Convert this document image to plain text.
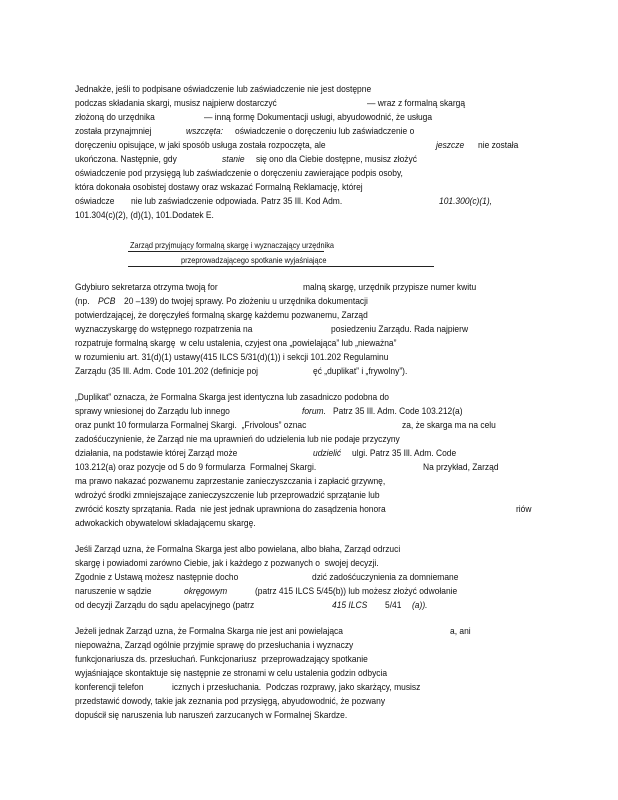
Jednakże, jeśli to podpisane oświadczenie lub zaświadczenie nie jest dostępne
podczas składania skargi, musisz najpierw dostarczyć	— wraz z formalną skargą
złożoną do urzędnika	— inną formę Dokumentacji usługi, abyudowodnić, że usługa
została przynajmniej	wszczęta: oświadczenie o doręczeniu lub zaświadczenie o
doręczeniu opisujące, w jaki sposób usługa została rozpoczęta, ale	jeszcze nie została
ukończona. Następnie, gdy	stanie się ono dla Ciebie dostępne, musisz złożyć
oświadczenie pod przysięgą lub zaświadczenie o doręczeniu zawierające podpis osoby,
która dokonała osobistej dostawy oraz wskazać Formalną Reklamację, której
oświadcze nie lub zaświadczenie odpowiada. Patrz 35 Ill. Kod Adm.	101.300(c)(1),
101.304(c)(2), (d)(1), 101.Dodatek E.
Zarząd przyjmujący formalną skargę i wyznaczający urzędnika
przeprowadzającego spotkanie wyjaśniające
Gdybiuro sekretarza otrzyma twoją for	malną skargę, urzędnik przypisze numer kwitu
(np. PCB 20 –139) do twojej sprawy. Po złożeniu u urzędnika dokumentacji
potwierdzającej, że doręczyłeś formalną skargę każdemu pozwanemu, Zarząd
wyznaczyskargę do wstępnego rozpatrzenia na	posiedzeniu Zarządu. Rada najpierw
rozpatruje formalną skargę  w celu ustalenia, czyjest ona „powielająca” lub „nieważna”
w rozumieniu art. 31(d)(1) ustawy(415 ILCS 5/31(d)(1)) i sekcji 101.202 Regulaminu
Zarządu (35 Ill. Adm. Code 101.202 (definicje poj	ęć „duplikat” i „frywolny”).
„Duplikat” oznacza, że Formalna Skarga jest identyczna lub zasadniczo podobna do
sprawy wniesionej do Zarządu lub innego	forum. Patrz 35 Ill. Adm. Code 103.212(a)
oraz punkt 10 formularza Formalnej Skargi.  „Frivolous” oznac	za, że skarga ma na celu
zadośćuczynienie, że Zarząd nie ma uprawnień do udzielenia lub nie podaje przyczyny
działania, na podstawie której Zarząd może	udzielić ulgi. Patrz 35 Ill. Adm. Code
103.212(a) oraz pozycje od 5 do 9 formularza  Formalnej Skargi.	Na przykład, Zarząd
ma prawo nakazać pozwanemu zaprzestanie zanieczyszczania i zapłacić grzywnę,
wdrożyć środki zmniejszające zanieczyszczenie lub przeprowadzić sprzątanie lub
zwrócić koszty sprzątania. Rada  nie jest jednak uprawniona do zasądzenia honora	riów
adwokackich obywatelowi składającemu skargę.
Jeśli Zarząd uzna, że Formalna Skarga jest albo powielana, albo błaha, Zarząd odrzuci
skargę i powiadomi zarówno Ciebie, jak i każdego z pozwanych o  swojej decyzji.
Zgodnie z Ustawą możesz następnie docho	dzić zadośćuczynienia za domniemane
naruszenie w sądzie	okręgowym	(patrz 415 ILCS 5/45(b)) lub możesz złożyć odwołanie
od decyzji Zarządu do sądu apelacyjnego (patrz	415 ILCS 5/41 (a)).
Jeżeli jednak Zarząd uzna, że Formalna Skarga nie jest ani powielająca	a, ani
niepoważna, Zarząd ogólnie przyjmie sprawę do przesłuchania i wyznaczy
funkcjonariusza ds. przesłuchań. Funkcjonariusz  przeprowadzający spotkanie
wyjaśniające skontaktuje się następnie ze stronami w celu ustalenia godzin odbycia
konferencji telefon	icznych i przesłuchania.  Podczas rozprawy, jako skarżący, musisz
przedstawić dowody, takie jak zeznania pod przysięgą, abyudowodnić, że pozwany
dopuścił się naruszenia lub naruszeń zarzucanych w Formalnej Skardze.
